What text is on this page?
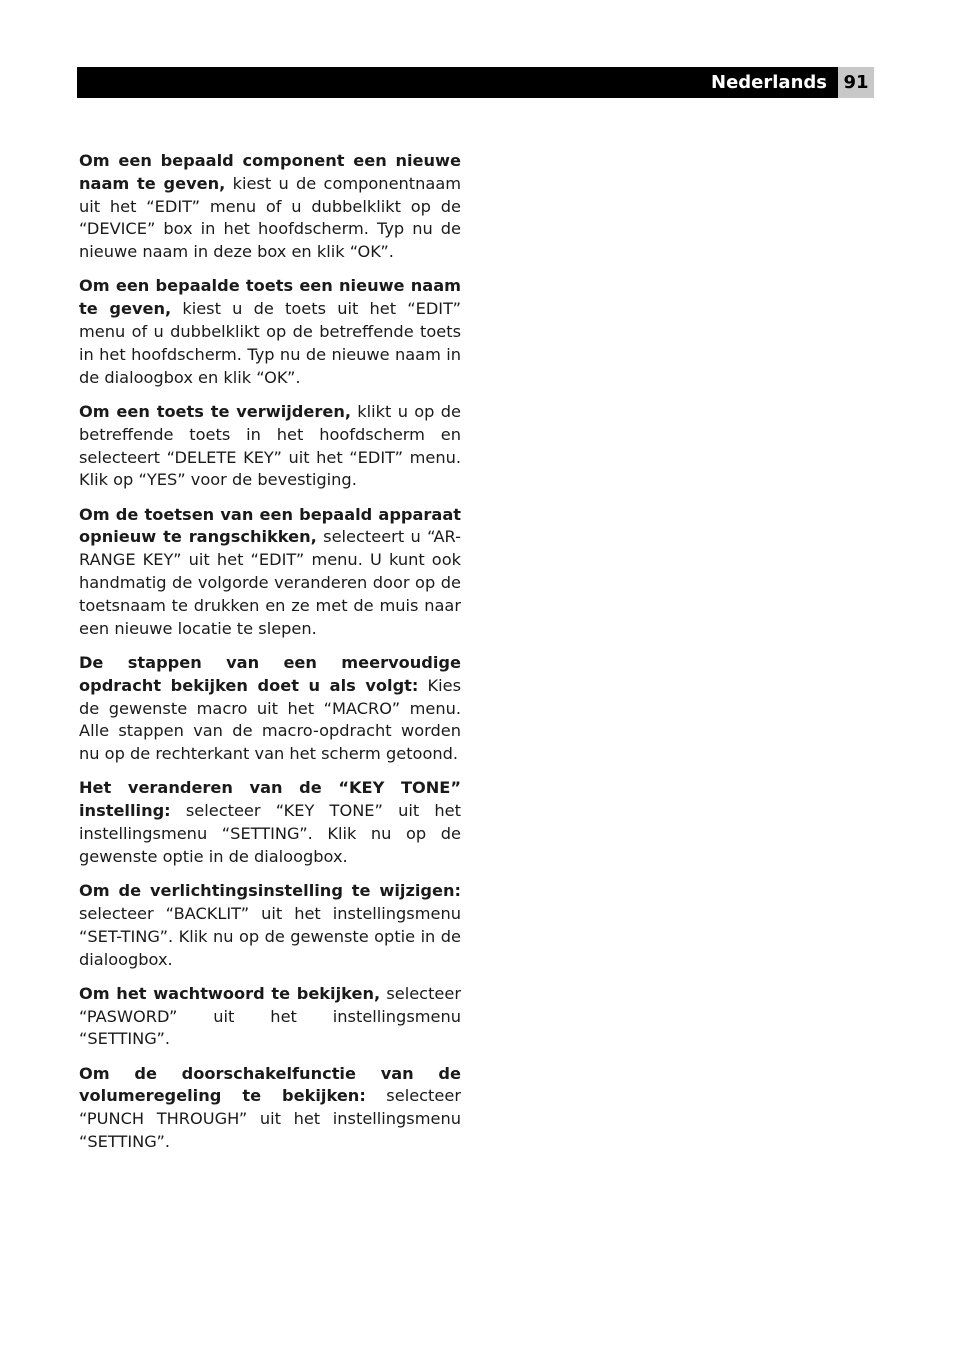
Nederlands 91

Om een bepaald component een nieuwe naam te geven, kiest u de componentnaam uit het “EDIT” menu of u dubbelklikt op de “DEVICE” box in het hoofdscherm. Typ nu de nieuwe naam in deze box en klik “OK”.

Om een bepaalde toets een nieuwe naam te geven, kiest u de toets uit het “EDIT” menu of u dubbelklikt op de betreffende toets in het hoofdscherm. Typ nu de nieuwe naam in de dialoogbox en klik “OK”.

Om een toets te verwijderen, klikt u op de betreffende toets in het hoofdscherm en selecteert “DELETE KEY” uit het “EDIT” menu. Klik op “YES” voor de bevestiging.

Om de toetsen van een bepaald apparaat opnieuw te rangschikken, selecteert u “AR-RANGE KEY” uit het “EDIT” menu. U kunt ook handmatig de volgorde veranderen door op de toetsnaam te drukken en ze met de muis naar een nieuwe locatie te slepen.

De stappen van een meervoudige opdracht bekijken doet u als volgt: Kies de gewenste macro uit het “MACRO” menu. Alle stappen van de macro-opdracht worden nu op de rechterkant van het scherm getoond.

Het veranderen van de “KEY TONE” instelling: selecteer “KEY TONE” uit het instellingsmenu “SETTING”. Klik nu op de gewenste optie in de dialoogbox.

Om de verlichtingsinstelling te wijzigen: selecteer “BACKLIT” uit het instellingsmenu “SET-TING”. Klik nu op de gewenste optie in de dialoogbox.

Om het wachtwoord te bekijken, selecteer “PASWORD” uit het instellingsmenu “SETTING”.

Om de doorschakelfunctie van de volumeregeling te bekijken: selecteer “PUNCH THROUGH” uit het instellingsmenu “SETTING”.
